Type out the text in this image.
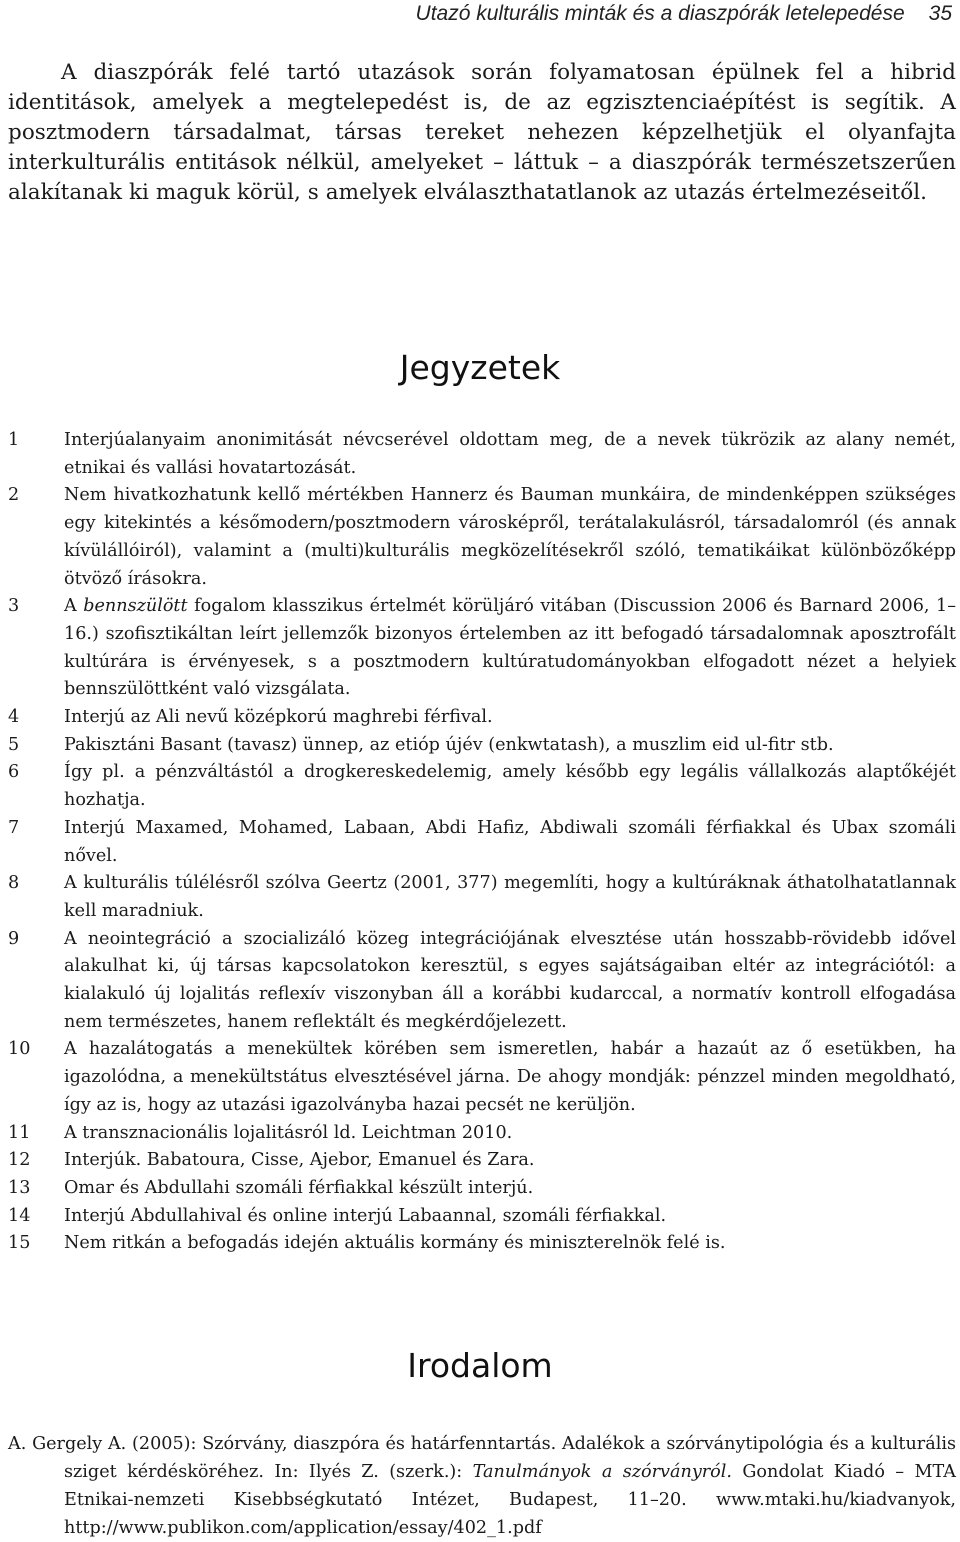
Utazó kulturális minták és a diaszpórák letelepedése 35

A diaszpórák felé tartó utazások során folyamatosan épülnek fel a hibrid identitások, amelyek a megtelepedést is, de az egzisztenciaépítést is segítik. A posztmodern társadalmat, társas tereket nehezen képzelhetjük el olyanfajta interkulturális entitások nélkül, amelyeket – láttuk – a diaszpórák természetszerűen alakítanak ki maguk körül, s amelyek elválaszthatatlanok az utazás értelmezéseitől.

Jegyzetek
1	Interjúalanyaim anonimitását névcserével oldottam meg, de a nevek tükrözik az alany nemét, etnikai és vallási hovatartozását.
2	Nem hivatkozhatunk kellő mértékben Hannerz és Bauman munkáira, de mindenképpen szükséges egy kitekintés a későmodern/posztmodern városképről, terátalakulásról, társadalomról (és annak kívülállóiról), valamint a (multi)kulturális megközelítésekről szóló, tematikáikat különbözőképp ötvöző írásokra.
3	A bennszülött fogalom klasszikus értelmét körüljáró vitában (Discussion 2006 és Barnard 2006, 1–16.) szofisztikáltan leírt jellemzők bizonyos értelemben az itt befogadó társadalomnak aposztrofált kultúrára is érvényesek, s a posztmodern kultúratudományokban elfogadott nézet a helyiek bennszülöttként való vizsgálata.
4	Interjú az Ali nevű középkorú maghrebi férfival.
5	Pakisztáni Basant (tavasz) ünnep, az etióp újév (enkwtatash), a muszlim eid ul-fitr stb.
6	Így pl. a pénzváltástól a drogkereskedelemig, amely később egy legális vállalkozás alaptőkéjét hozhatja.
7	Interjú Maxamed, Mohamed, Labaan, Abdi Hafiz, Abdiwali szomáli férfiakkal és Ubax szomáli nővel.
8	A kulturális túlélésről szólva Geertz (2001, 377) megemlíti, hogy a kultúráknak áthatolhatatlannak kell maradniuk.
9	A neointegráció a szocializáló közeg integrációjának elvesztése után hosszabb-rövidebb idővel alakulhat ki, új társas kapcsolatokon keresztül, s egyes sajátságaiban eltér az integrációtól: a kialakuló új lojalitás reflexív viszonyban áll a korábbi kudarccal, a normatív kontroll elfogadása nem természetes, hanem reflektált és megkérdőjelezett.
10	A hazalátogatás a menekültek körében sem ismeretlen, habár a hazaút az ő esetükben, ha igazolódna, a menekültstátus elvesztésével járna. De ahogy mondják: pénzzel minden megoldható, így az is, hogy az utazási igazolványba hazai pecsét ne kerüljön.
11	A transznacionális lojalitásról ld. Leichtman 2010.
12	Interjúk. Babatoura, Cisse, Ajebor, Emanuel és Zara.
13	Omar és Abdullahi szomáli férfiakkal készült interjú.
14	Interjú Abdullahival és online interjú Labaannal, szomáli férfiakkal.
15	Nem ritkán a befogadás idején aktuális kormány és miniszterelnök felé is.
Irodalom

A. Gergely A. (2005): Szórvány, diaszpóra és határfenntartás. Adalékok a szórványtipológia és a kulturális sziget kérdésköréhez. In: Ilyés Z. (szerk.): Tanulmányok a szórványról. Gondolat Kiadó – MTA Etnikai-nemzeti Kisebbségkutató Intézet, Budapest, 11–20. www.mtaki.hu/kiadvanyok, http://www.publikon.com/application/essay/402_1.pdf
